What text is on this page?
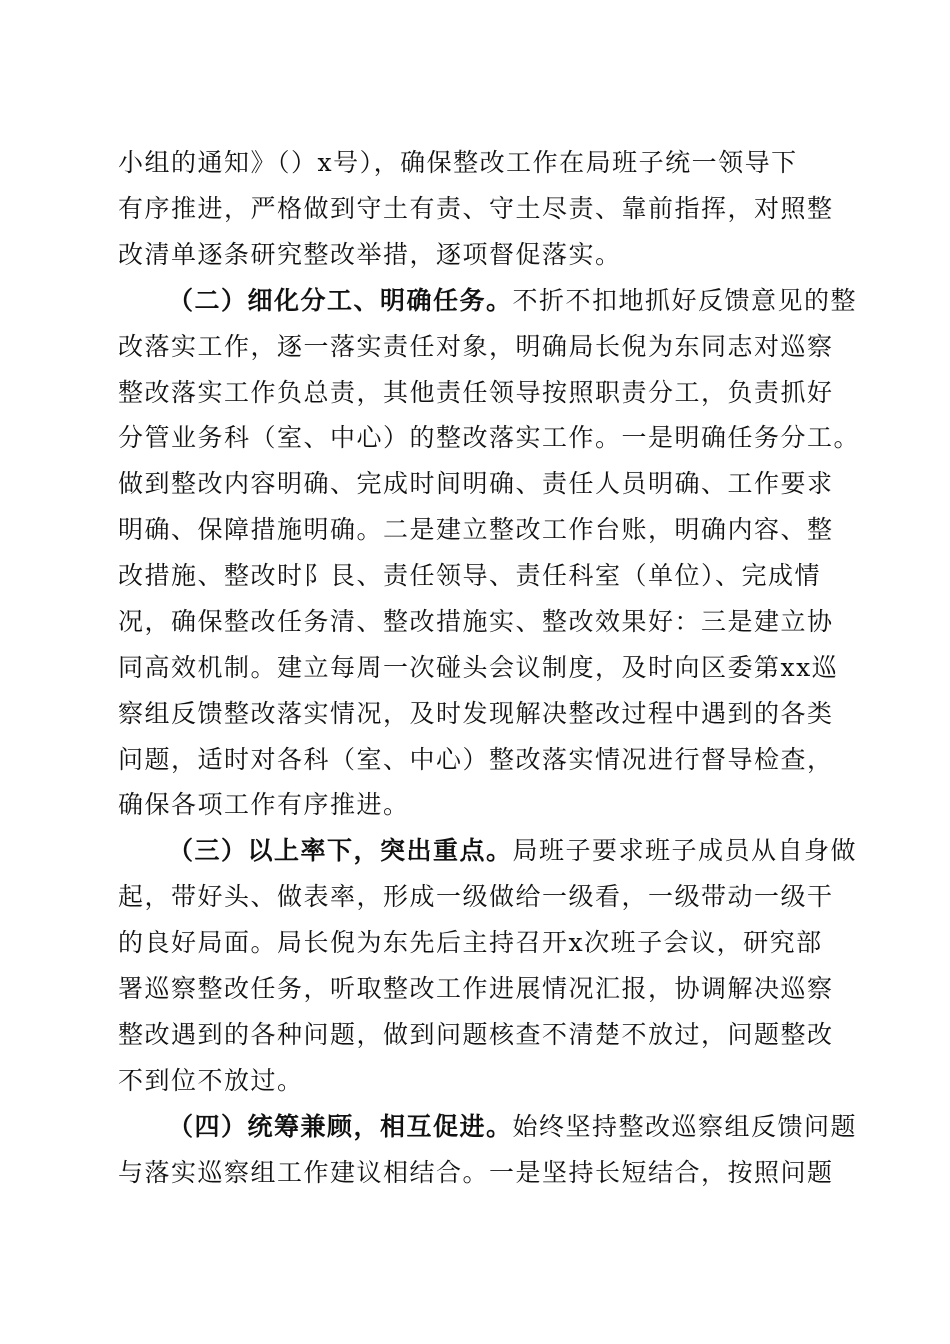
小组的通知》（）x号），确保整改工作在局班子统一领导下
有序推进，严格做到守土有责、守土尽责、靠前指挥，对照整
改清单逐条研究整改举措，逐项督促落实。
（二）细化分工、明确任务。不折不扣地抓好反馈意见的整
改落实工作，逐一落实责任对象，明确局长倪为东同志对巡察
整改落实工作负总责，其他责任领导按照职责分工，负责抓好
分管业务科（室、中心）的整改落实工作。一是明确任务分工。
做到整改内容明确、完成时间明确、责任人员明确、工作要求
明确、保障措施明确。二是建立整改工作台账，明确内容、整
改措施、整改时阝艮、责任领导、责任科室（单位）、完成情
况，确保整改任务清、整改措施实、整改效果好：三是建立协
同高效机制。建立每周一次碰头会议制度，及时向区委第xx巡
察组反馈整改落实情况，及时发现解决整改过程中遇到的各类
问题，适时对各科（室、中心）整改落实情况进行督导检查，
确保各项工作有序推进。
（三）以上率下，突出重点。局班子要求班子成员从自身做
起，带好头、做表率，形成一级做给一级看，一级带动一级干
的良好局面。局长倪为东先后主持召开x次班子会议，研究部
署巡察整改任务，听取整改工作进展情况汇报，协调解决巡察
整改遇到的各种问题，做到问题核查不清楚不放过，问题整改
不到位不放过。
（四）统筹兼顾，相互促进。始终坚持整改巡察组反馈问题
与落实巡察组工作建议相结合。一是坚持长短结合，按照问题
